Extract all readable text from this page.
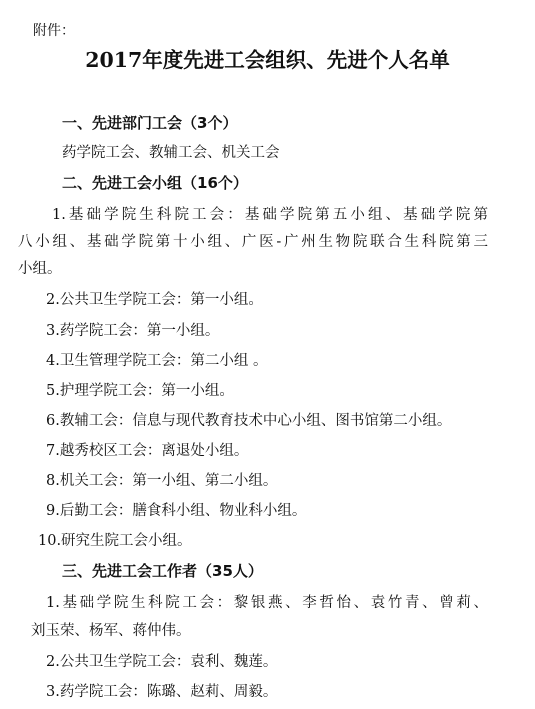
附件：
2017年度先进工会组织、先进个人名单
一、先进部门工会（3个）
药学院工会、教辅工会、机关工会
二、先进工会小组（16个）
1.基础学院生科院工会：基础学院第五小组、基础学院第
八小组、基础学院第十小组、广医-广州生物院联合生科院第三
小组。
2.公共卫生学院工会：第一小组。
3.药学院工会：第一小组。
4.卫生管理学院工会：第二小组 。
5.护理学院工会：第一小组。
6.教辅工会：信息与现代教育技术中心小组、图书馆第二小组。
7.越秀校区工会：离退处小组。
8.机关工会：第一小组、第二小组。
9.后勤工会：膳食科小组、物业科小组。
10.研究生院工会小组。
三、先进工会工作者（35人）
1.基础学院生科院工会：黎银燕、李哲怡、袁竹青、曾莉、
刘玉荣、杨军、蒋仲伟。
2.公共卫生学院工会：袁利、魏莲。
3.药学院工会：陈璐、赵莉、周毅。
